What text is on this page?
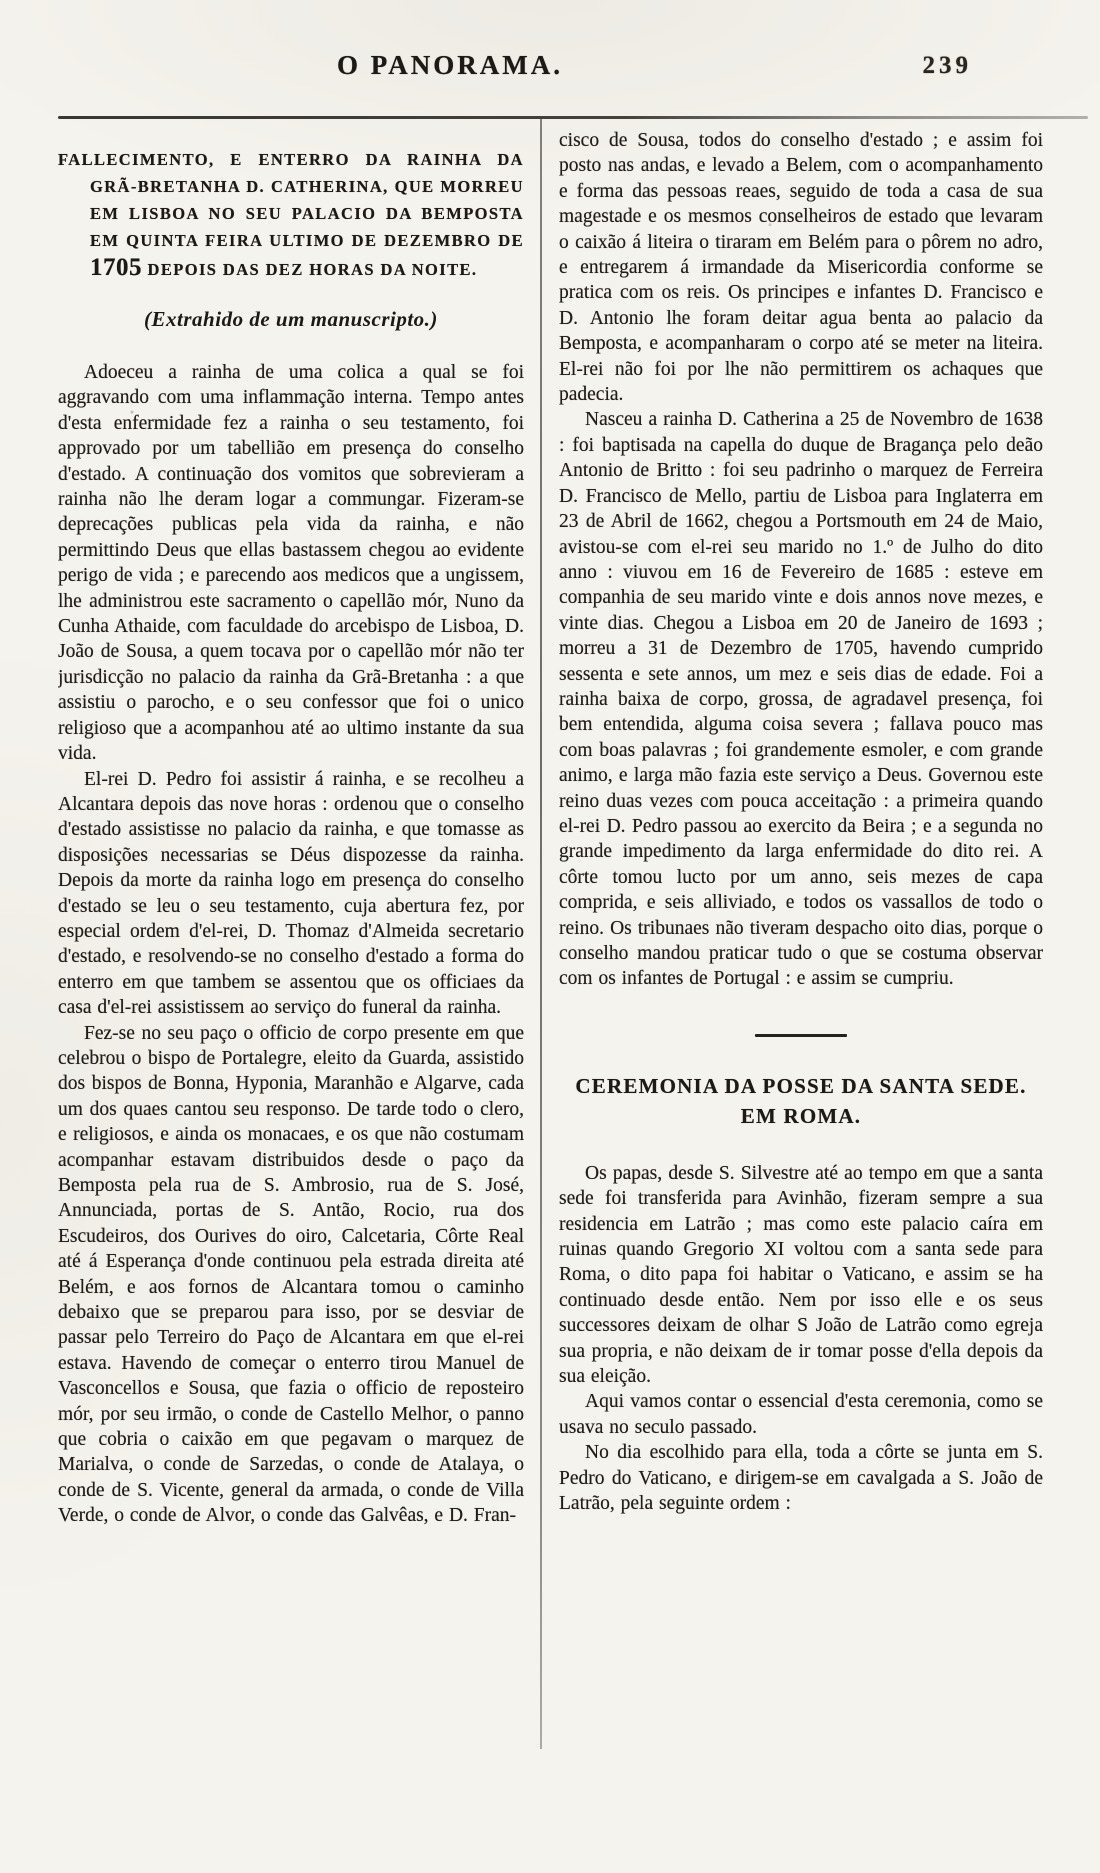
O PANORAMA.	239
FALLECIMENTO, E ENTERRO DA RAINHA DA GRÃ-BRETANHA D. CATHERINA, QUE MORREU EM LISBOA NO SEU PALACIO DA BEMPOSTA EM QUINTA FEIRA ULTIMO DE DEZEMBRO DE 1705 DEPOIS DAS DEZ HORAS DA NOITE.
(Extrahido de um manuscripto.)

Adoeceu a rainha de uma colica a qual se foi aggravando com uma inflammação interna. Tempo antes d'esta enfermidade fez a rainha o seu testamento, foi approvado por um tabellião em presença do conselho d'estado. A continuação dos vomitos que sobrevieram a rainha não lhe deram logar a commungar. Fizeram-se deprecações publicas pela vida da rainha, e não permittindo Deus que ellas bastassem chegou ao evidente perigo de vida ; e parecendo aos medicos que a ungissem, lhe administrou este sacramento o capellão mór, Nuno da Cunha Athaide, com faculdade do arcebispo de Lisboa, D. João de Sousa, a quem tocava por o capellão mór não ter jurisdicção no palacio da rainha da Grã-Bretanha : a que assistiu o parocho, e o seu confessor que foi o unico religioso que a acompanhou até ao ultimo instante da sua vida.

El-rei D. Pedro foi assistir á rainha, e se recolheu a Alcantara depois das nove horas : ordenou que o conselho d'estado assistisse no palacio da rainha, e que tomasse as disposições necessarias se Déus dispozesse da rainha. Depois da morte da rainha logo em presença do conselho d'estado se leu o seu testamento, cuja abertura fez, por especial ordem d'el-rei, D. Thomaz d'Almeida secretario d'estado, e resolvendo-se no conselho d'estado a forma do enterro em que tambem se assentou que os officiaes da casa d'el-rei assistissem ao serviço do funeral da rainha.

Fez-se no seu paço o officio de corpo presente em que celebrou o bispo de Portalegre, eleito da Guarda, assistido dos bispos de Bonna, Hyponia, Maranhão e Algarve, cada um dos quaes cantou seu responso. De tarde todo o clero, e religiosos, e ainda os monacaes, e os que não costumam acompanhar estavam distribuidos desde o paço da Bemposta pela rua de S. Ambrosio, rua de S. José, Annunciada, portas de S. Antão, Rocio, rua dos Escudeiros, dos Ourives do oiro, Calcetaria, Côrte Real até á Esperança d'onde continuou pela estrada direita até Belém, e aos fornos de Alcantara tomou o caminho debaixo que se preparou para isso, por se desviar de passar pelo Terreiro do Paço de Alcantara em que el-rei estava. Havendo de começar o enterro tirou Manuel de Vasconcellos e Sousa, que fazia o officio de reposteiro mór, por seu irmão, o conde de Castello Melhor, o panno que cobria o caixão em que pegavam o marquez de Marialva, o conde de Sarzedas, o conde de Atalaya, o conde de S. Vicente, general da armada, o conde de Villa Verde, o conde de Alvor, o conde das Galvêas, e D. Fran-

cisco de Sousa, todos do conselho d'estado ; e assim foi posto nas andas, e levado a Belem, com o acompanhamento e forma das pessoas reaes, seguido de toda a casa de sua magestade e os mesmos conselheiros de estado que levaram o caixão á liteira o tiraram em Belém para o pôrem no adro, e entregarem á irmandade da Misericordia conforme se pratica com os reis. Os principes e infantes D. Francisco e D. Antonio lhe foram deitar agua benta ao palacio da Bemposta, e acompanharam o corpo até se meter na liteira. El-rei não foi por lhe não permittirem os achaques que padecia.

Nasceu a rainha D. Catherina a 25 de Novembro de 1638 : foi baptisada na capella do duque de Bragança pelo deão Antonio de Britto : foi seu padrinho o marquez de Ferreira D. Francisco de Mello, partiu de Lisboa para Inglaterra em 23 de Abril de 1662, chegou a Portsmouth em 24 de Maio, avistou-se com el-rei seu marido no 1.º de Julho do dito anno : viuvou em 16 de Fevereiro de 1685 : esteve em companhia de seu marido vinte e dois annos nove mezes, e vinte dias. Chegou a Lisboa em 20 de Janeiro de 1693 ; morreu a 31 de Dezembro de 1705, havendo cumprido sessenta e sete annos, um mez e seis dias de edade. Foi a rainha baixa de corpo, grossa, de agradavel presença, foi bem entendida, alguma coisa severa ; fallava pouco mas com boas palavras ; foi grandemente esmoler, e com grande animo, e larga mão fazia este serviço a Deus. Governou este reino duas vezes com pouca acceitação : a primeira quando el-rei D. Pedro passou ao exercito da Beira ; e a segunda no grande impedimento da larga enfermidade do dito rei. A côrte tomou lucto por um anno, seis mezes de capa comprida, e seis alliviado, e todos os vassallos de todo o reino. Os tribunaes não tiveram despacho oito dias, porque o conselho mandou praticar tudo o que se costuma observar com os infantes de Portugal : e assim se cumpriu.

CEREMONIA DA POSSE DA SANTA SEDE.
EM ROMA.

Os papas, desde S. Silvestre até ao tempo em que a santa sede foi transferida para Avinhão, fizeram sempre a sua residencia em Latrão ; mas como este palacio caíra em ruinas quando Gregorio XI voltou com a santa sede para Roma, o dito papa foi habitar o Vaticano, e assim se ha continuado desde então. Nem por isso elle e os seus successores deixam de olhar S João de Latrão como egreja sua propria, e não deixam de ir tomar posse d'ella depois da sua eleição.

Aqui vamos contar o essencial d'esta ceremonia, como se usava no seculo passado.

No dia escolhido para ella, toda a côrte se junta em S. Pedro do Vaticano, e dirigem-se em cavalgada a S. João de Latrão, pela seguinte ordem :
